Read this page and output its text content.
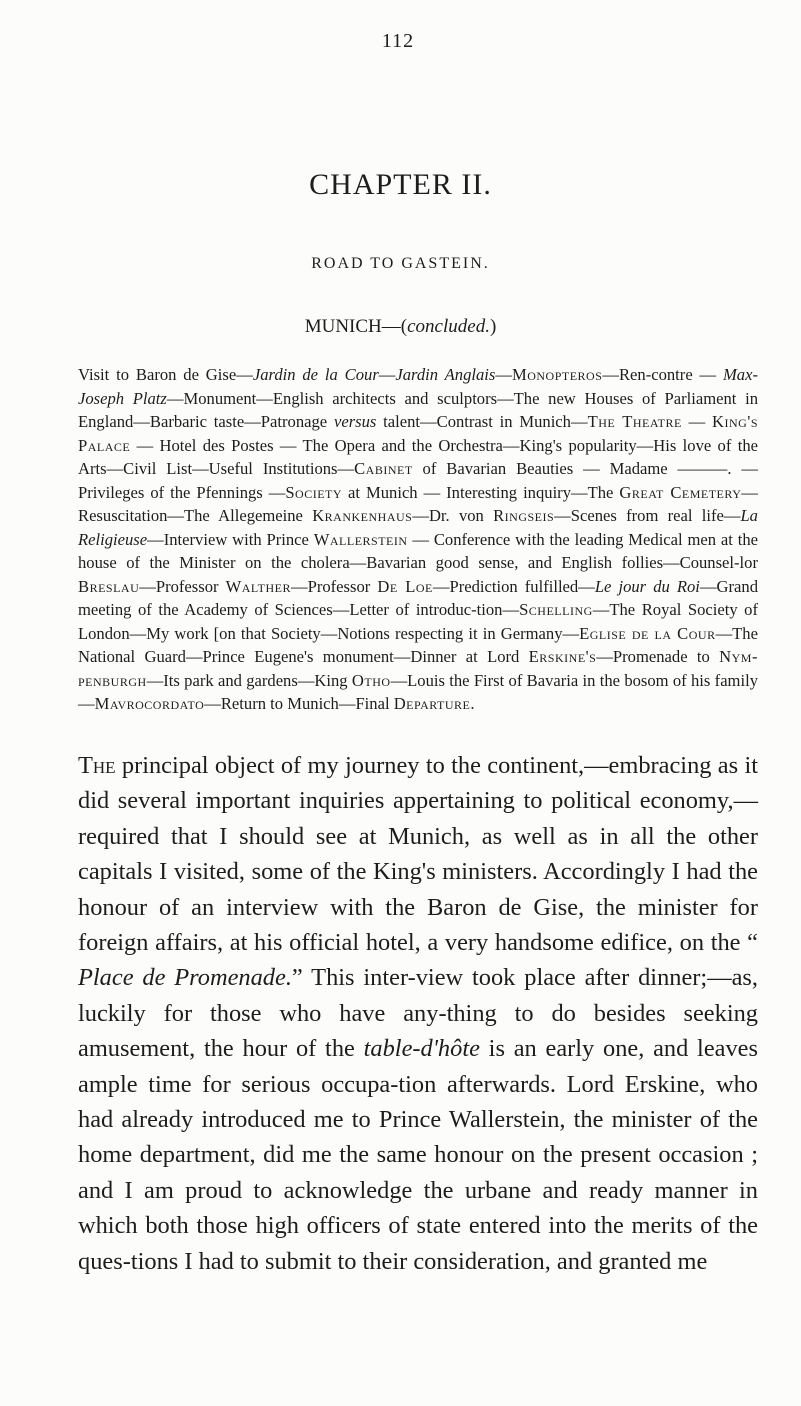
112
CHAPTER II.
ROAD TO GASTEIN.
MUNICH—(concluded.)

Visit to Baron de Gise—Jardin de la Cour—Jardin Anglais—Monopteros—Ren-contre — Max-Joseph Platz—Monument—English architects and sculptors—The new Houses of Parliament in England—Barbaric taste—Patronage versus talent—Contrast in Munich—The Theatre — King's Palace — Hotel des Postes — The Opera and the Orchestra—King's popularity—His love of the Arts—Civil List—Useful Institutions—Cabinet of Bavarian Beauties — Madame ———. —Privileges of the Pfennings —Society at Munich — Interesting inquiry—The Great Cemetery—Resuscitation—The Allegemeine Krankenhaus—Dr. von Ringseis—Scenes from real life—La Religieuse—Interview with Prince Wallerstein — Conference with the leading Medical men at the house of the Minister on the cholera—Bavarian good sense, and English follies—Counsel-lor Breslau—Professor Walther—Professor De Loe—Prediction fulfilled—Le jour du Roi—Grand meeting of the Academy of Sciences—Letter of introduc-tion—Schelling—The Royal Society of London—My work [on that Society—Notions respecting it in Germany—Eglise de la Cour—The National Guard—Prince Eugene's monument—Dinner at Lord Erskine's—Promenade to Nym-penburgh—Its park and gardens—King Otho—Louis the First of Bavaria in the bosom of his family—Mavrocordato—Return to Munich—Final Departure.

The principal object of my journey to the continent,—embracing as it did several important inquiries appertaining to political economy,—required that I should see at Munich, as well as in all the other capitals I visited, some of the King's ministers. Accordingly I had the honour of an interview with the Baron de Gise, the minister for foreign affairs, at his official hotel, a very handsome edifice, on the “ Place de Promenade.” This inter-view took place after dinner;—as, luckily for those who have any-thing to do besides seeking amusement, the hour of the table-d'hôte is an early one, and leaves ample time for serious occupa-tion afterwards. Lord Erskine, who had already introduced me to Prince Wallerstein, the minister of the home department, did me the same honour on the present occasion ; and I am proud to acknowledge the urbane and ready manner in which both those high officers of state entered into the merits of the ques-tions I had to submit to their consideration, and granted me
